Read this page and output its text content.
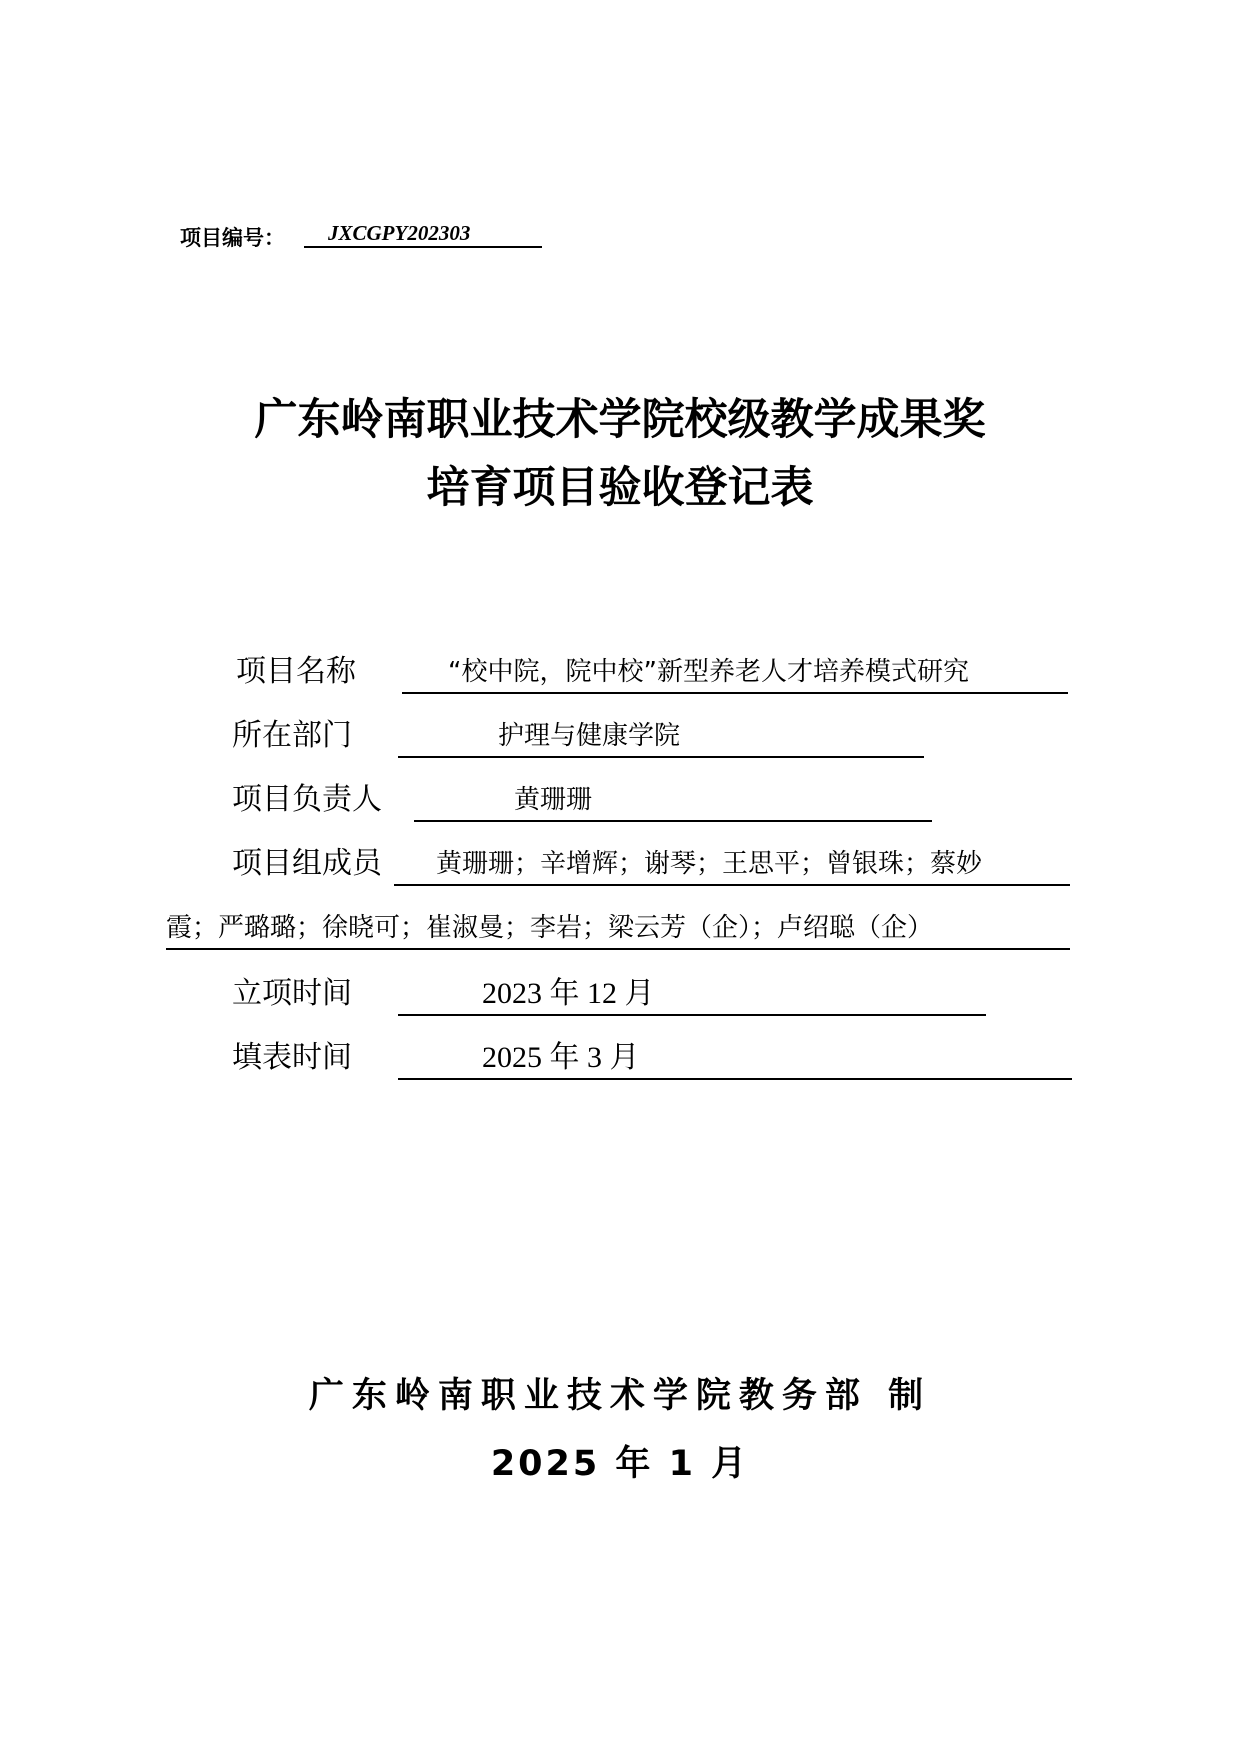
项目编号：	JXCGPY202303
广东岭南职业技术学院校级教学成果奖
培育项目验收登记表
项目名称	“校中院，院中校”新型养老人才培养模式研究
所在部门	护理与健康学院
项目负责人	黄珊珊
项目组成员	黄珊珊；辛增辉；谢琴；王思平；曾银珠；蔡妙
霞；严璐璐；徐晓可；崔淑曼；李岩；梁云芳（企）；卢绍聪（企）
立项时间	2023 年 12 月
填表时间	2025 年 3 月
广东岭南职业技术学院教务部 制
2025 年 1 月
